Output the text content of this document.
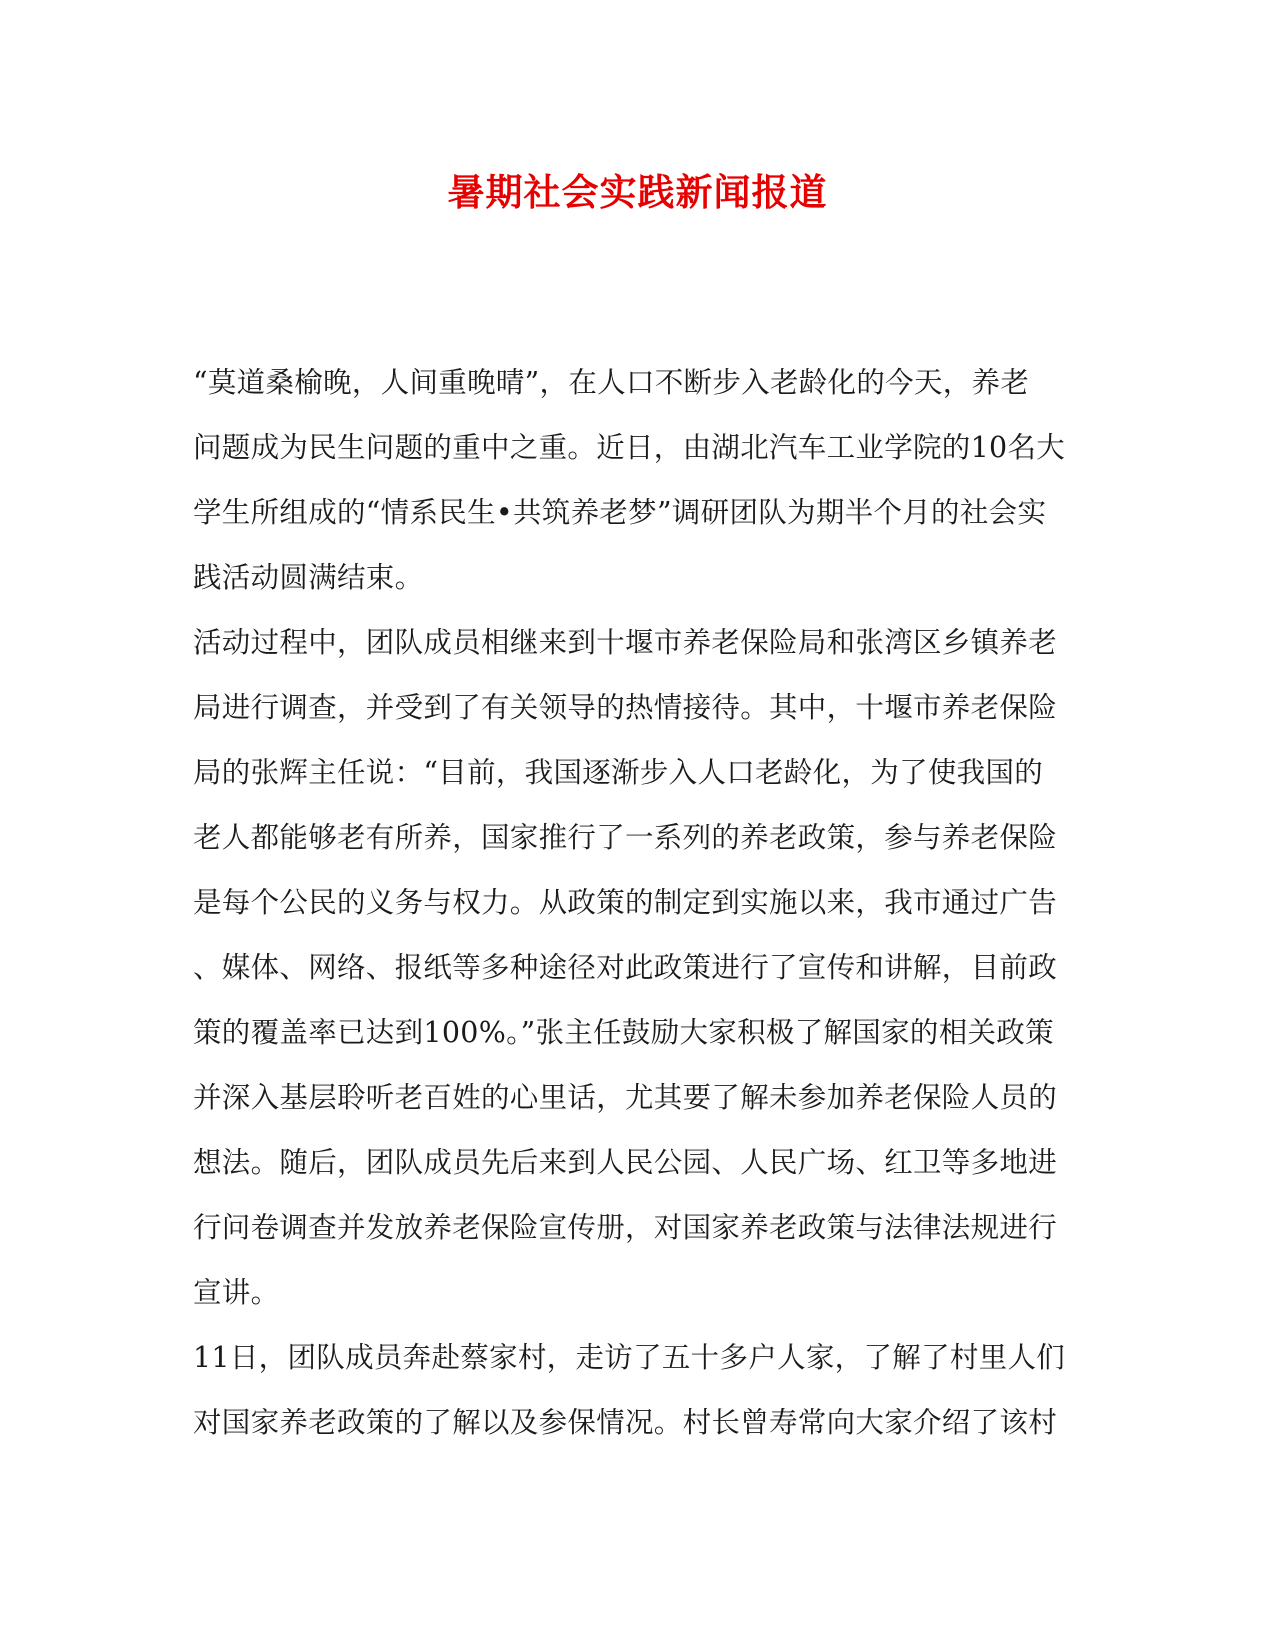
暑期社会实践新闻报道
“莫道桑榆晚，人间重晚晴”，在人口不断步入老龄化的今天，养老
问题成为民生问题的重中之重。近日，由湖北汽车工业学院的10名大
学生所组成的“情系民生•共筑养老梦”调研团队为期半个月的社会实
践活动圆满结束。
活动过程中，团队成员相继来到十堰市养老保险局和张湾区乡镇养老
局进行调查，并受到了有关领导的热情接待。其中，十堰市养老保险
局的张辉主任说：“目前，我国逐渐步入人口老龄化，为了使我国的
老人都能够老有所养，国家推行了一系列的养老政策，参与养老保险
是每个公民的义务与权力。从政策的制定到实施以来，我市通过广告
、媒体、网络、报纸等多种途径对此政策进行了宣传和讲解，目前政
策的覆盖率已达到100%。”张主任鼓励大家积极了解国家的相关政策
并深入基层聆听老百姓的心里话，尤其要了解未参加养老保险人员的
想法。随后，团队成员先后来到人民公园、人民广场、红卫等多地进
行问卷调查并发放养老保险宣传册，对国家养老政策与法律法规进行
宣讲。
11日，团队成员奔赴蔡家村，走访了五十多户人家，了解了村里人们
对国家养老政策的了解以及参保情况。村长曾寿常向大家介绍了该村
